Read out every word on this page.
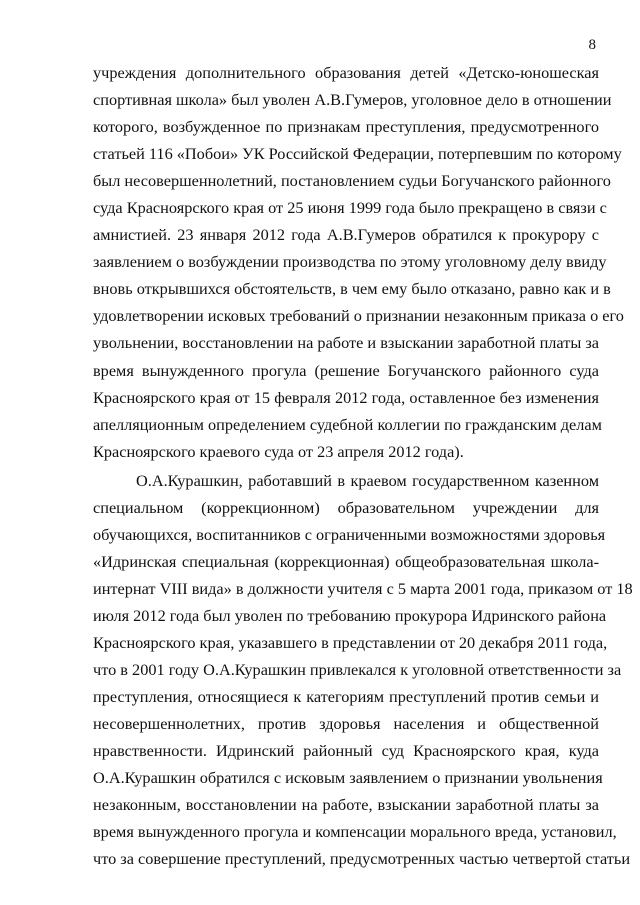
8
учреждения дополнительного образования детей «Детско-юношеская
спортивная школа» был уволен А.В.Гумеров, уголовное дело в отношении
которого, возбужденное по признакам преступления, предусмотренного
статьей 116 «Побои» УК Российской Федерации, потерпевшим по которому
был несовершеннолетний, постановлением судьи Богучанского районного
суда Красноярского края от 25 июня 1999 года было прекращено в связи с
амнистией. 23 января 2012 года А.В.Гумеров обратился к прокурору с
заявлением о возбуждении производства по этому уголовному делу ввиду
вновь открывшихся обстоятельств, в чем ему было отказано, равно как и в
удовлетворении исковых требований о признании незаконным приказа о его
увольнении, восстановлении на работе и взыскании заработной платы за
время вынужденного прогула (решение Богучанского районного суда
Красноярского края от 15 февраля 2012 года, оставленное без изменения
апелляционным определением судебной коллегии по гражданским делам
Красноярского краевого суда от 23 апреля 2012 года).
О.А.Курашкин, работавший в краевом государственном казенном
специальном (коррекционном) образовательном учреждении для
обучающихся, воспитанников с ограниченными возможностями здоровья
«Идринская специальная (коррекционная) общеобразовательная школа-
интернат VIII вида» в должности учителя с 5 марта 2001 года, приказом от 18
июля 2012 года был уволен по требованию прокурора Идринского района
Красноярского края, указавшего в представлении от 20 декабря 2011 года,
что в 2001 году О.А.Курашкин привлекался к уголовной ответственности за
преступления, относящиеся к категориям преступлений против семьи и
несовершеннолетних, против здоровья населения и общественной
нравственности. Идринский районный суд Красноярского края, куда
О.А.Курашкин обратился с исковым заявлением о признании увольнения
незаконным, восстановлении на работе, взыскании заработной платы за
время вынужденного прогула и компенсации морального вреда, установил,
что за совершение преступлений, предусмотренных частью четвертой статьи
